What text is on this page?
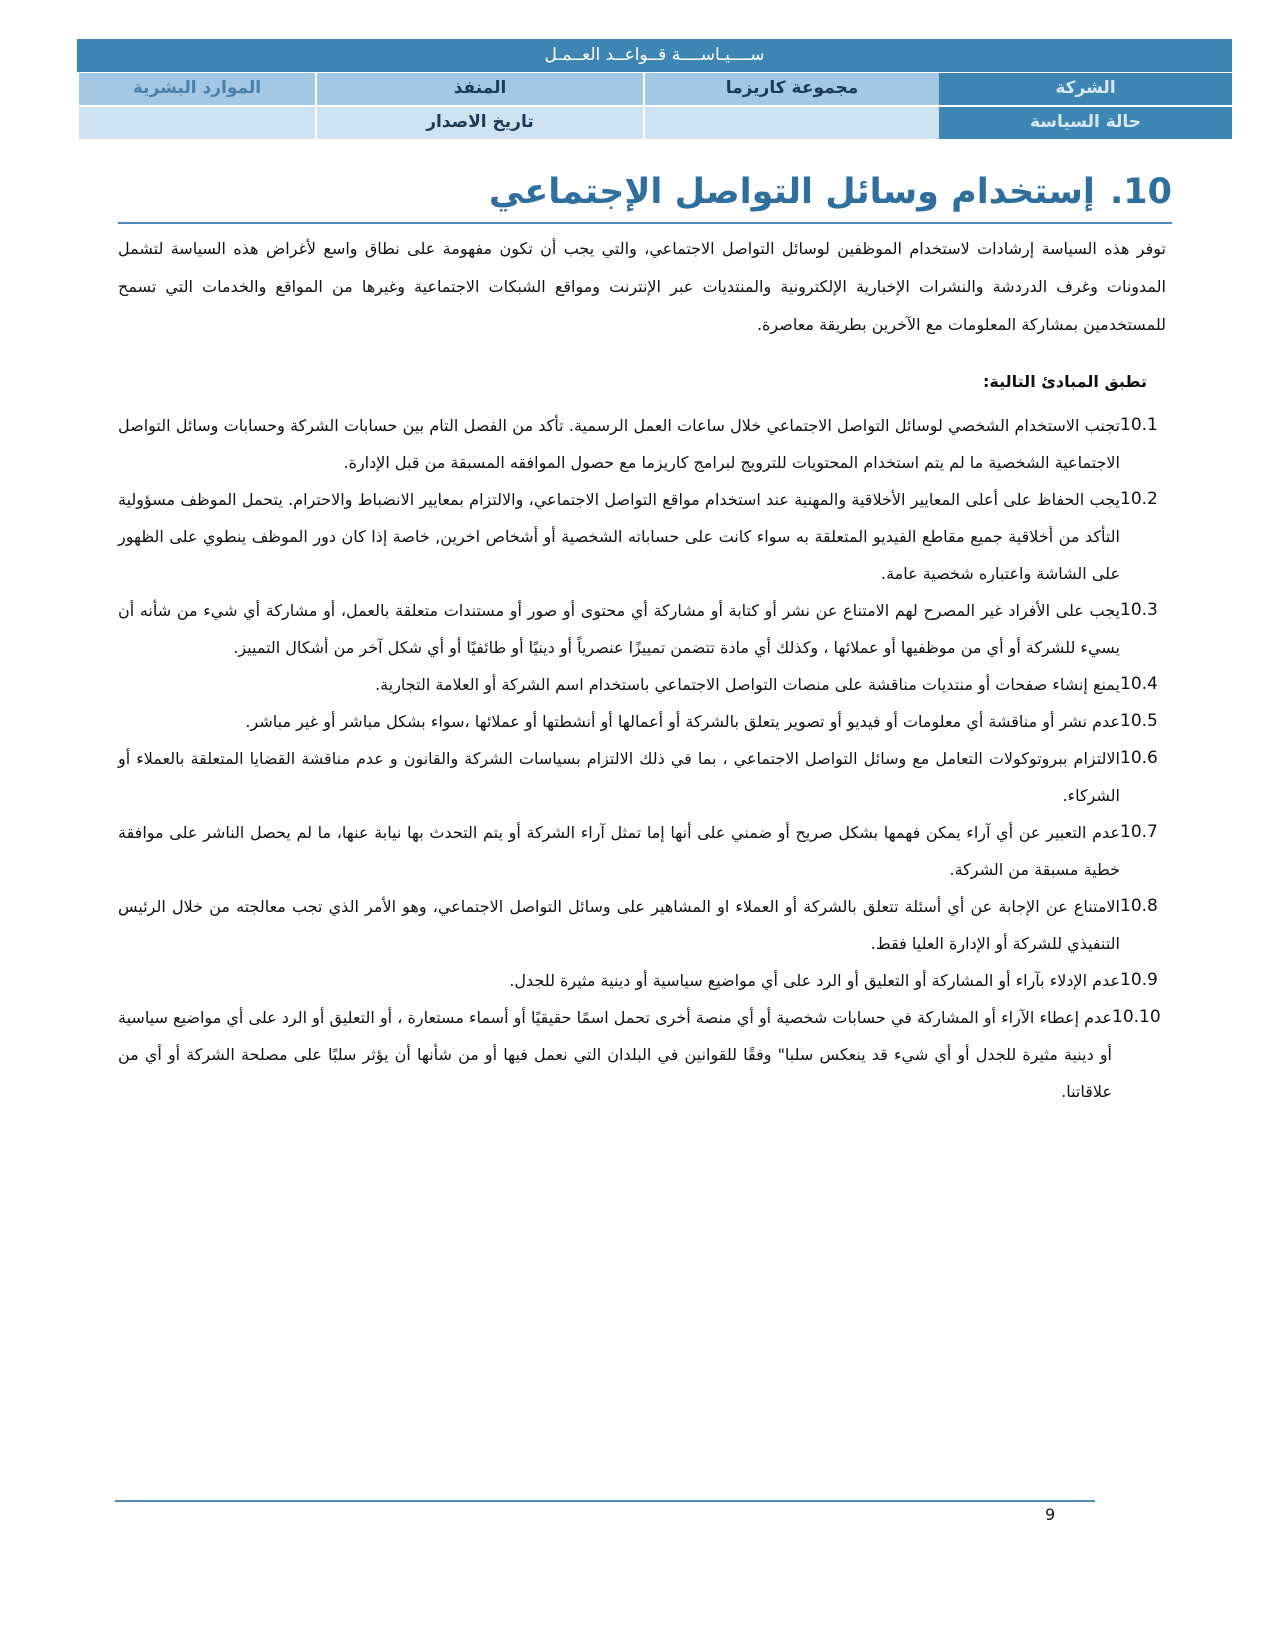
ســــيـاســــة قــواعــد العــمـل
الشركة
مجموعة كاريزما
المنفذ
الموارد البشرية
حالة السياسة
تاريخ الاصدار
10. إستخدام وسائل التواصل الإجتماعي
توفر هذه السياسة إرشادات لاستخدام الموظفين لوسائل التواصل الاجتماعي، والتي يجب أن تكون مفهومة على نطاق واسع لأغراض هذه السياسة لتشمل المدونات وغرف الدردشة والنشرات الإخبارية الإلكترونية والمنتديات عبر الإنترنت ومواقع الشبكات الاجتماعية وغيرها من المواقع والخدمات التي تسمح للمستخدمين بمشاركة المعلومات مع الآخرين بطريقة معاصرة.
تطبق المبادئ التالية:
10.1
تجنب الاستخدام الشخصي لوسائل التواصل الاجتماعي خلال ساعات العمل الرسمية. تأكد من الفصل التام بين حسابات الشركة وحسابات وسائل التواصل الاجتماعية الشخصية ما لم يتم استخدام المحتويات للترويج لبرامج كاريزما مع حصول الموافقه المسبقة من قبل الإدارة.
10.2
يجب الحفاظ على أعلى المعايير الأخلاقية والمهنية عند استخدام مواقع التواصل الاجتماعي، والالتزام بمعايير الانضباط والاحترام. يتحمل الموظف مسؤولية التأكد من أخلاقية جميع مقاطع الفيديو المتعلقة به سواء كانت على حساباته الشخصية أو أشخاص اخرين, خاصة إذا كان دور الموظف ينطوي على الظهور على الشاشة واعتباره شخصية عامة.
10.3
يجب على الأفراد غير المصرح لهم الامتناع عن نشر أو كتابة أو مشاركة أي محتوى أو صور أو مستندات متعلقة بالعمل، أو مشاركة أي شيء من شأنه أن يسيء للشركة أو أي من موظفيها أو عملائها ، وكذلك أي مادة تتضمن تمييزًا عنصرياً أو دينيًا أو طائفيًا أو أي شكل آخر من أشكال التمييز.
10.4
يمنع إنشاء صفحات أو منتديات مناقشة على منصات التواصل الاجتماعي باستخدام اسم الشركة أو العلامة التجارية.
10.5
عدم نشر أو مناقشة أي معلومات أو فيديو أو تصوير يتعلق بالشركة أو أعمالها أو أنشطتها أو عملائها ،سواء بشكل مباشر أو غير مباشر.
10.6
الالتزام ببروتوكولات التعامل مع وسائل التواصل الاجتماعي ، بما في ذلك الالتزام بسياسات الشركة والقانون و عدم مناقشة القضايا المتعلقة بالعملاء أو الشركاء.
10.7
عدم التعبير عن أي آراء يمكن فهمها بشكل صريح أو ضمني على أنها إما تمثل آراء الشركة أو يتم التحدث بها نيابة عنها، ما لم يحصل الناشر على موافقة خطية مسبقة من الشركة.
10.8
الامتناع عن الإجابة عن أي أسئلة تتعلق بالشركة أو العملاء او المشاهير على وسائل التواصل الاجتماعي، وهو الأمر الذي تجب معالجته من خلال الرئيس التنفيذي للشركة أو الإدارة العليا فقط.
10.9
عدم الإدلاء بآراء أو المشاركة أو التعليق أو الرد على أي مواضيع سياسية أو دينية مثيرة للجدل.
10.10
عدم إعطاء الآراء أو المشاركة في حسابات شخصية أو أي منصة أخرى تحمل اسمًا حقيقيًا أو أسماء مستعارة ، أو التعليق أو الرد على أي مواضيع سياسية أو دينية مثيرة للجدل أو أي شيء قد ينعكس سلبا" وفقًا للقوانين في البلدان التي نعمل فيها أو من شأنها أن يؤثر سلبًا على مصلحة الشركة أو أي من علاقاتنا.
9
